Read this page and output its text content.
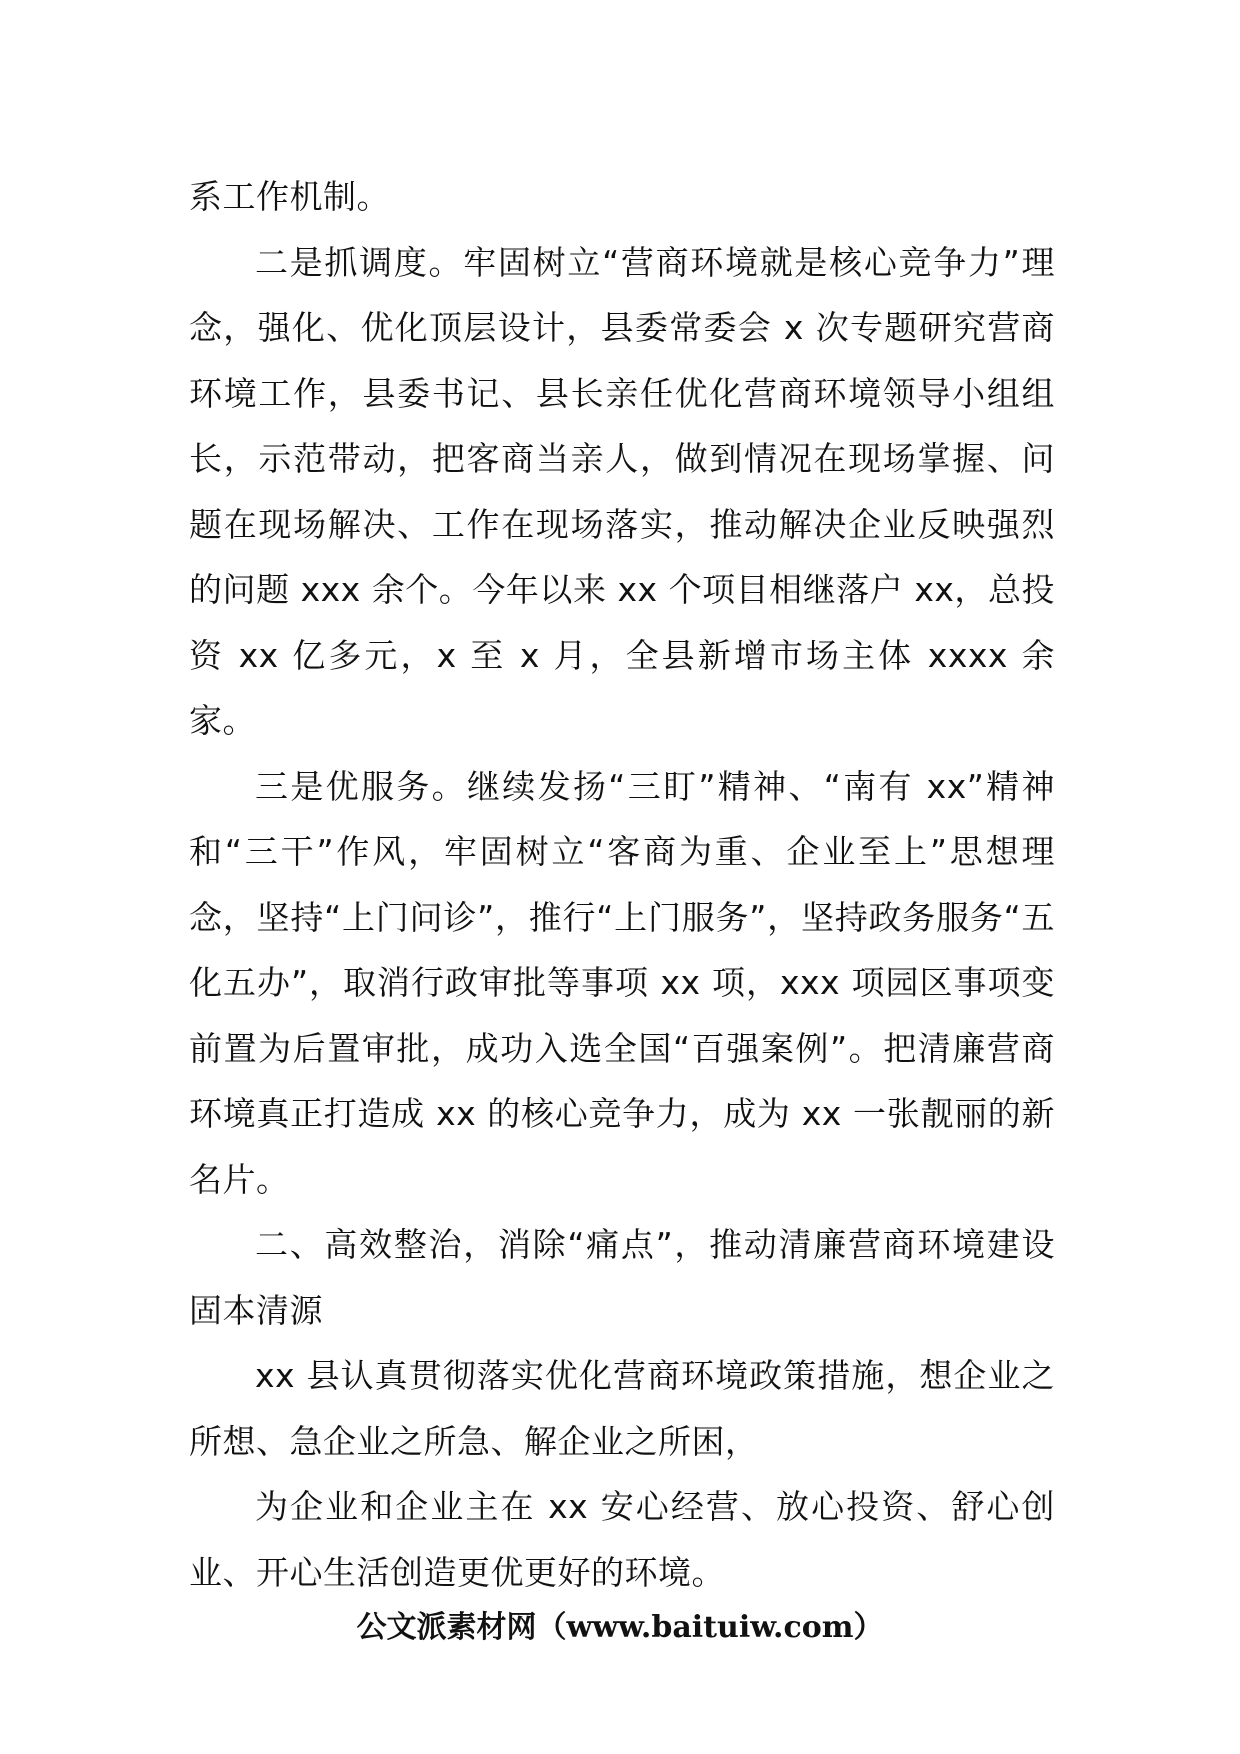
系工作机制。

二是抓调度。牢固树立“营商环境就是核心竞争力”理念，强化、优化顶层设计，县委常委会 x 次专题研究营商环境工作，县委书记、县长亲任优化营商环境领导小组组长，示范带动，把客商当亲人，做到情况在现场掌握、问题在现场解决、工作在现场落实，推动解决企业反映强烈的问题 xxx 余个。今年以来 xx 个项目相继落户 xx，总投资 xx 亿多元，x 至 x 月，全县新增市场主体 xxxx 余家。

三是优服务。继续发扬“三盯”精神、“南有 xx”精神和“三干”作风，牢固树立“客商为重、企业至上”思想理念，坚持“上门问诊”，推行“上门服务”，坚持政务服务“五化五办”，取消行政审批等事项 xx 项，xxx 项园区事项变前置为后置审批，成功入选全国“百强案例”。把清廉营商环境真正打造成 xx 的核心竞争力，成为 xx 一张靓丽的新名片。

二、高效整治，消除“痛点”，推动清廉营商环境建设固本清源

xx 县认真贯彻落实优化营商环境政策措施，想企业之所想、急企业之所急、解企业之所困，

为企业和企业主在 xx 安心经营、放心投资、舒心创业、开心生活创造更优更好的环境。

公文派素材网（www.baituiw.com）
